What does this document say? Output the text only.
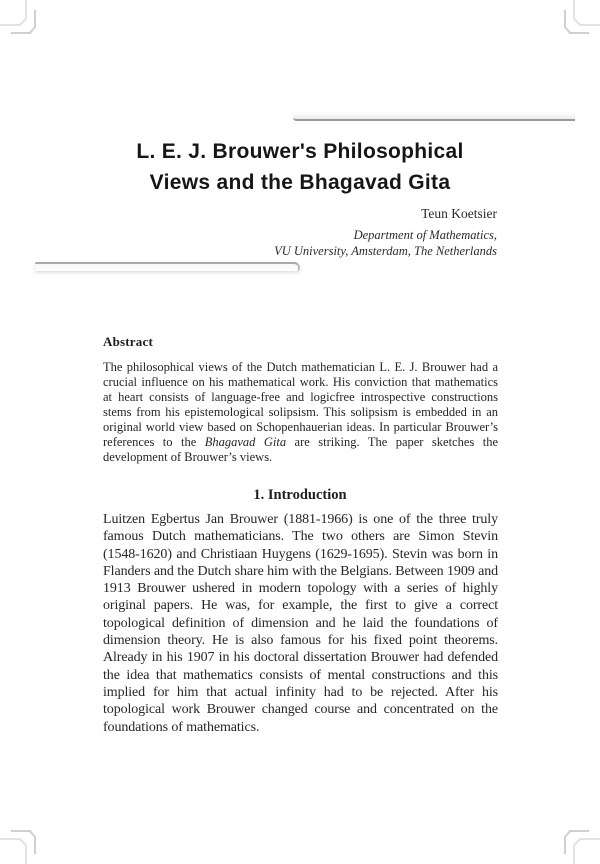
L. E. J. Brouwer's Philosophical
Views and the Bhagavad Gita

Teun Koetsier

Department of Mathematics,

VU University, Amsterdam, The Netherlands

Abstract
The philosophical views of the Dutch mathematician L. E. J. Brouwer had a crucial influence on his mathematical work. His conviction that mathematics at heart consists of language-free and logicfree introspective constructions stems from his epistemological solipsism. This solipsism is embedded in an original world view based on Schopenhauerian ideas. In particular Brouwer’s references to the Bhagavad Gita are striking. The paper sketches the development of Brouwer’s views.
1. Introduction
Luitzen Egbertus Jan Brouwer (1881-1966) is one of the three truly famous Dutch mathematicians. The two others are Simon Stevin (1548-1620) and Christiaan Huygens (1629-1695). Stevin was born in Flanders and the Dutch share him with the Belgians. Between 1909 and 1913 Brouwer ushered in modern topology with a series of highly original papers. He was, for example, the first to give a correct topological definition of dimension and he laid the foundations of dimension theory. He is also famous for his fixed point theorems. Already in his 1907 in his doctoral dissertation Brouwer had defended the idea that mathematics consists of mental constructions and this implied for him that actual infinity had to be rejected. After his topological work Brouwer changed course and concentrated on the foundations of mathematics.
